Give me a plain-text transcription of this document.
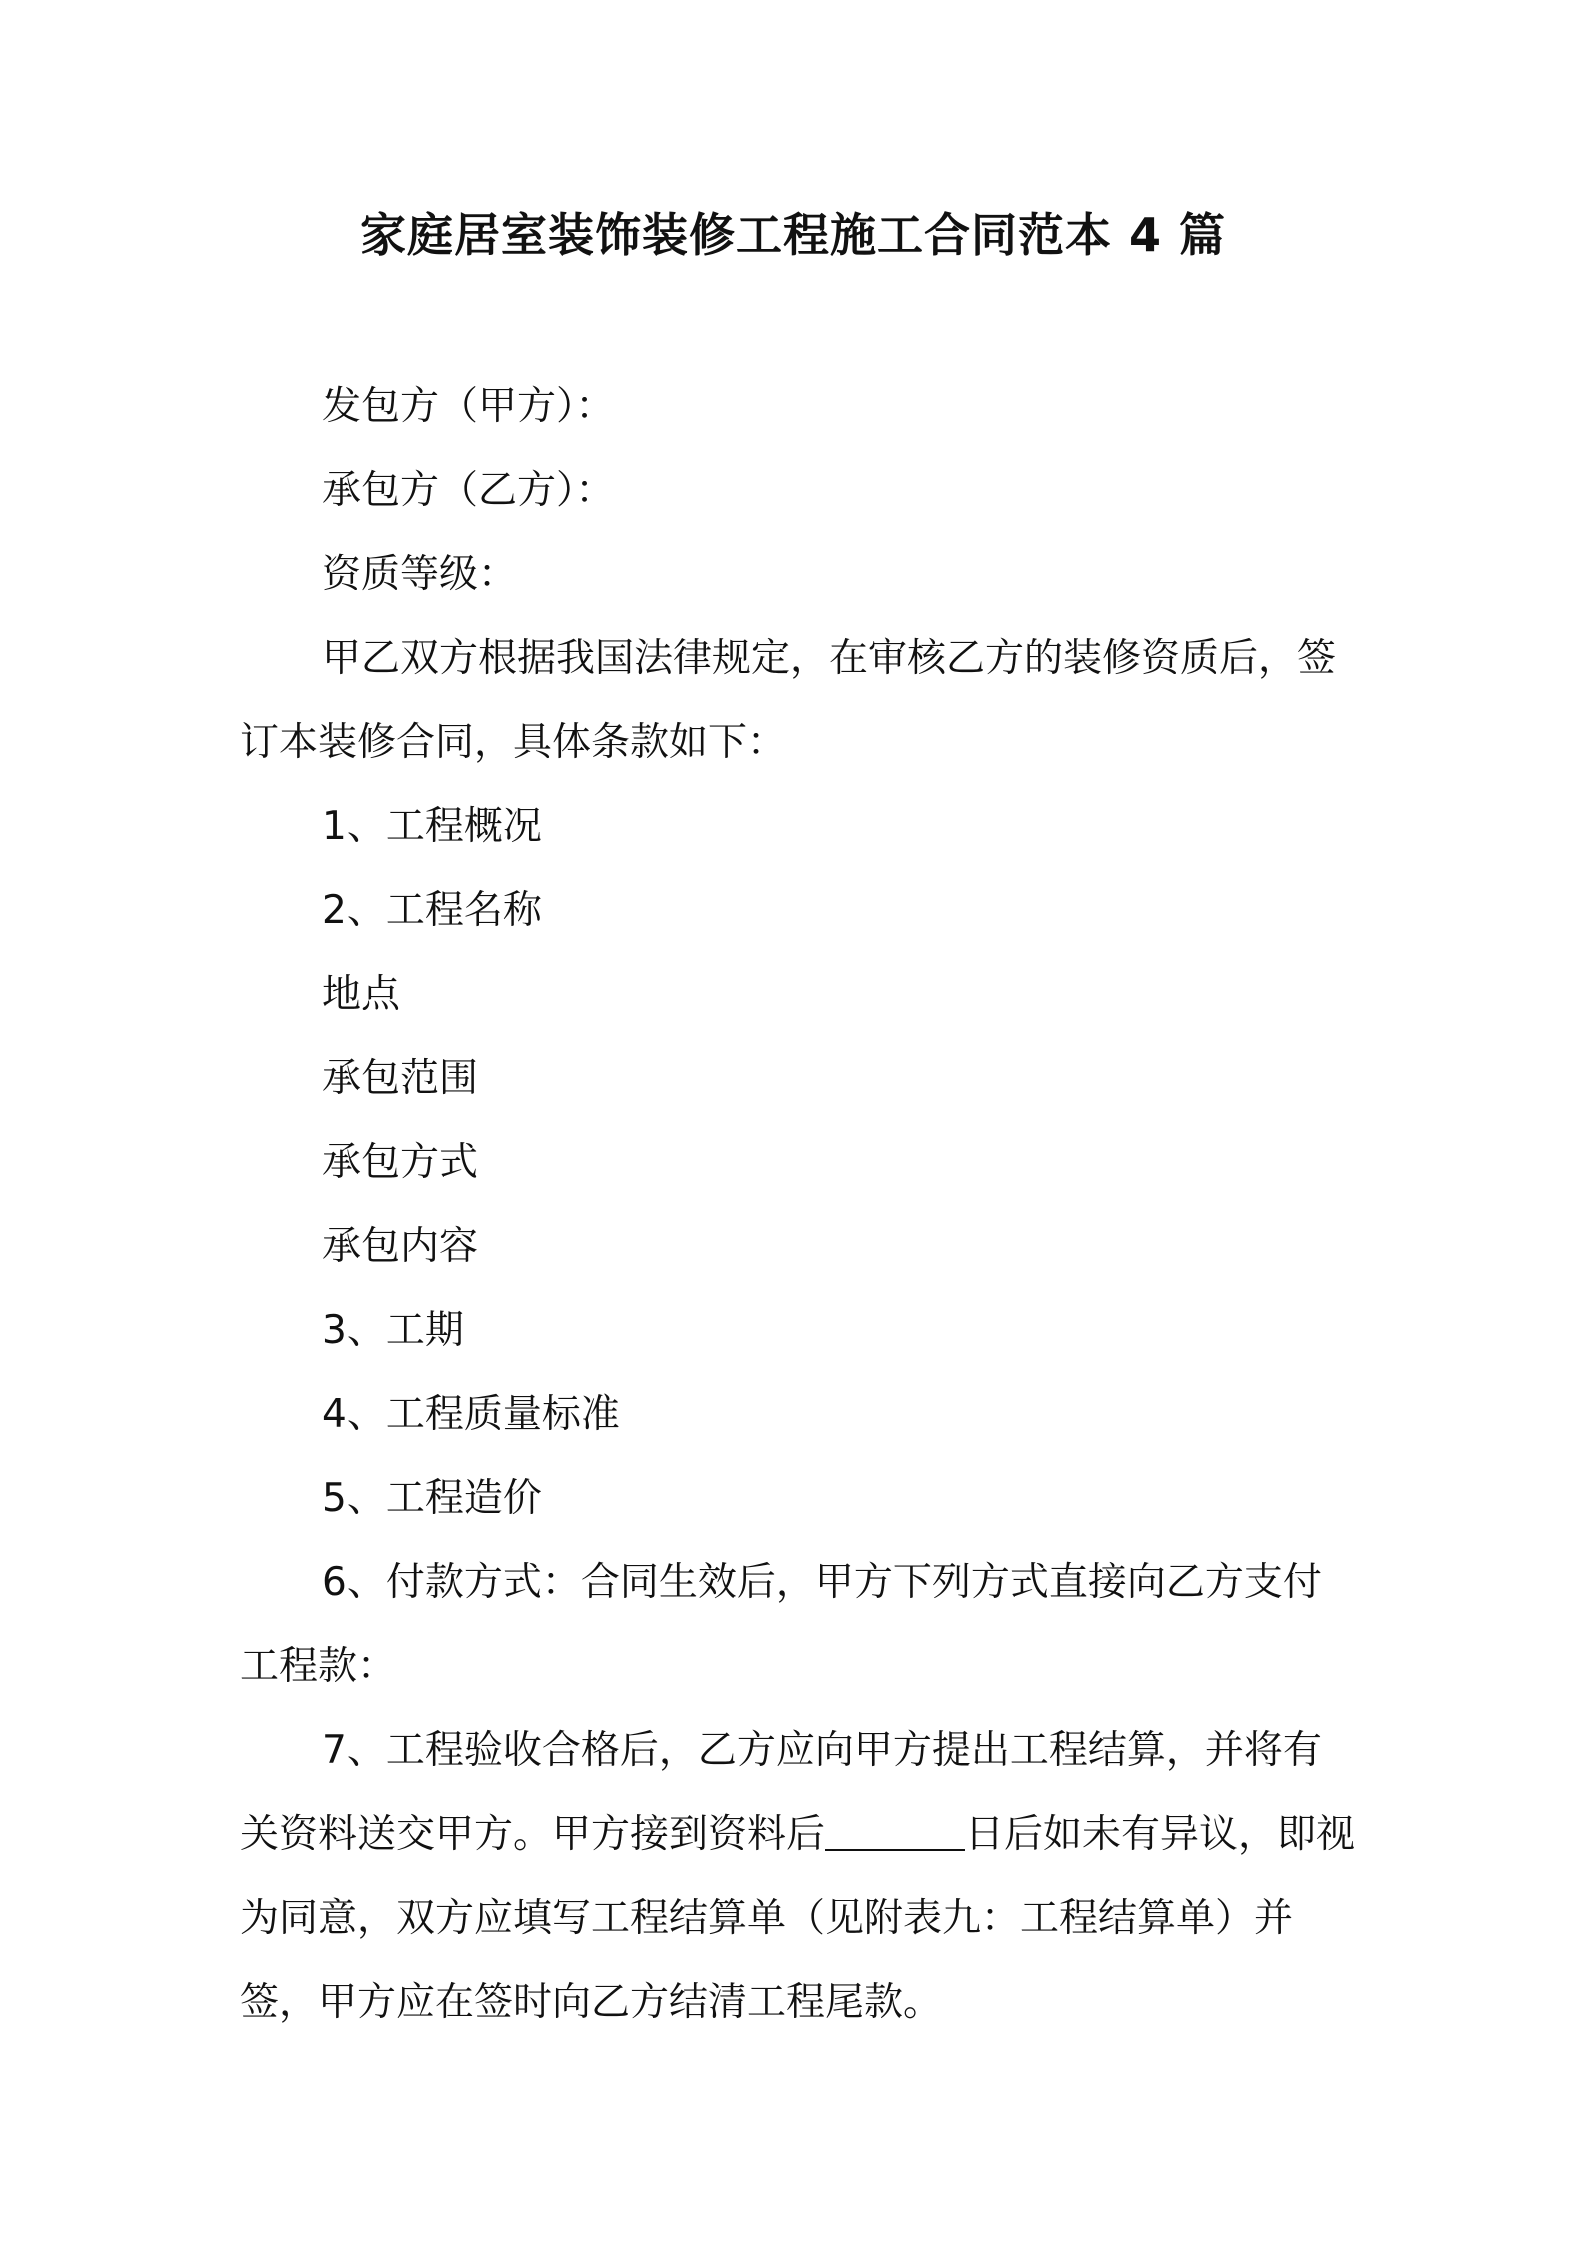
家庭居室装饰装修工程施工合同范本 4 篇

发包方（甲方）：

承包方（乙方）：

资质等级：

甲乙双方根据我国法律规定，在审核乙方的装修资质后，签订本装修合同，具体条款如下：

1、工程概况

2、工程名称

地点

承包范围

承包方式

承包内容

3、工期

4、工程质量标准

5、工程造价

6、付款方式：合同生效后，甲方下列方式直接向乙方支付工程款：

7、工程验收合格后，乙方应向甲方提出工程结算，并将有关资料送交甲方。甲方接到资料后	日后如未有异议，即视为同意，双方应填写工程结算单（见附表九：工程结算单）并签，甲方应在签时向乙方结清工程尾款。
